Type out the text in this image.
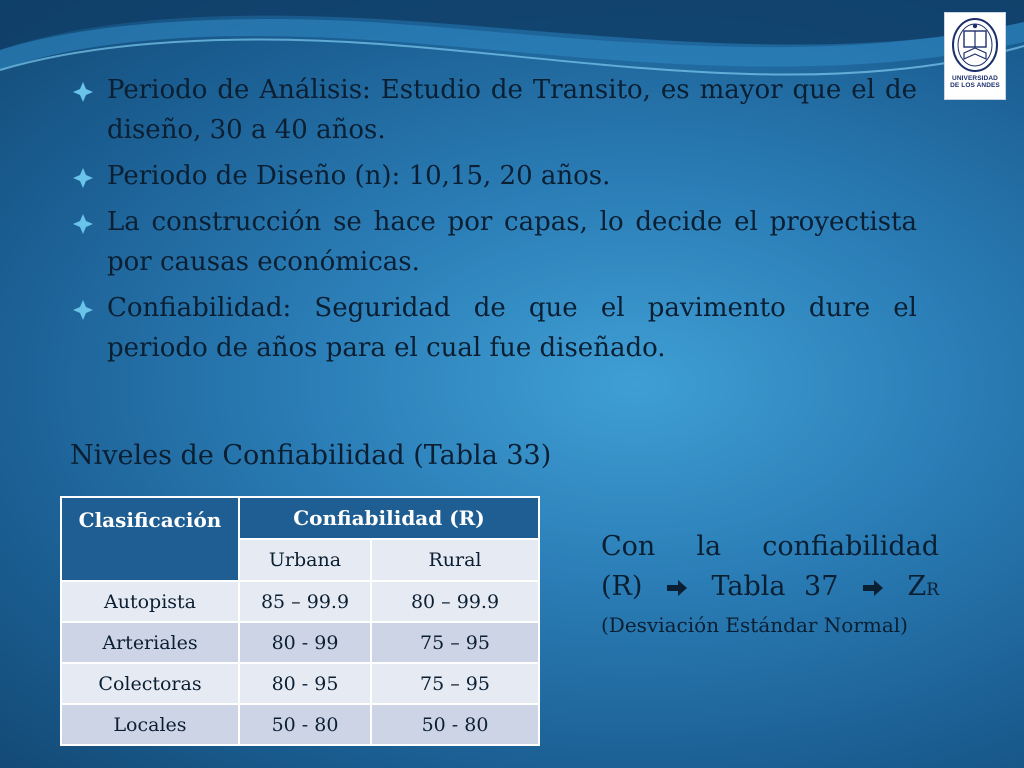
UNIVERSIDAD
DE LOS ANDES
Periodo de Análisis: Estudio de Transito, es mayor que el de diseño, 30 a 40 años.
Periodo de Diseño (n): 10,15, 20 años.
La construcción se hace por capas, lo decide el proyectista por causas económicas.
Confiabilidad: Seguridad de que el pavimento dure el periodo de años para el cual fue diseñado.
Niveles de Confiabilidad (Tabla 33)
Clasificación	Confiabilidad (R)	
	Urbana	Rural
Autopista	85 – 99.9	80 – 99.9
Arteriales	80 - 99	75 – 95
Colectoras	80 - 95	75 – 95
Locales	50 - 80	50 - 80
Con la confiabilidad
(R)	Tabla 37	ZR
(Desviación Estándar Normal)
